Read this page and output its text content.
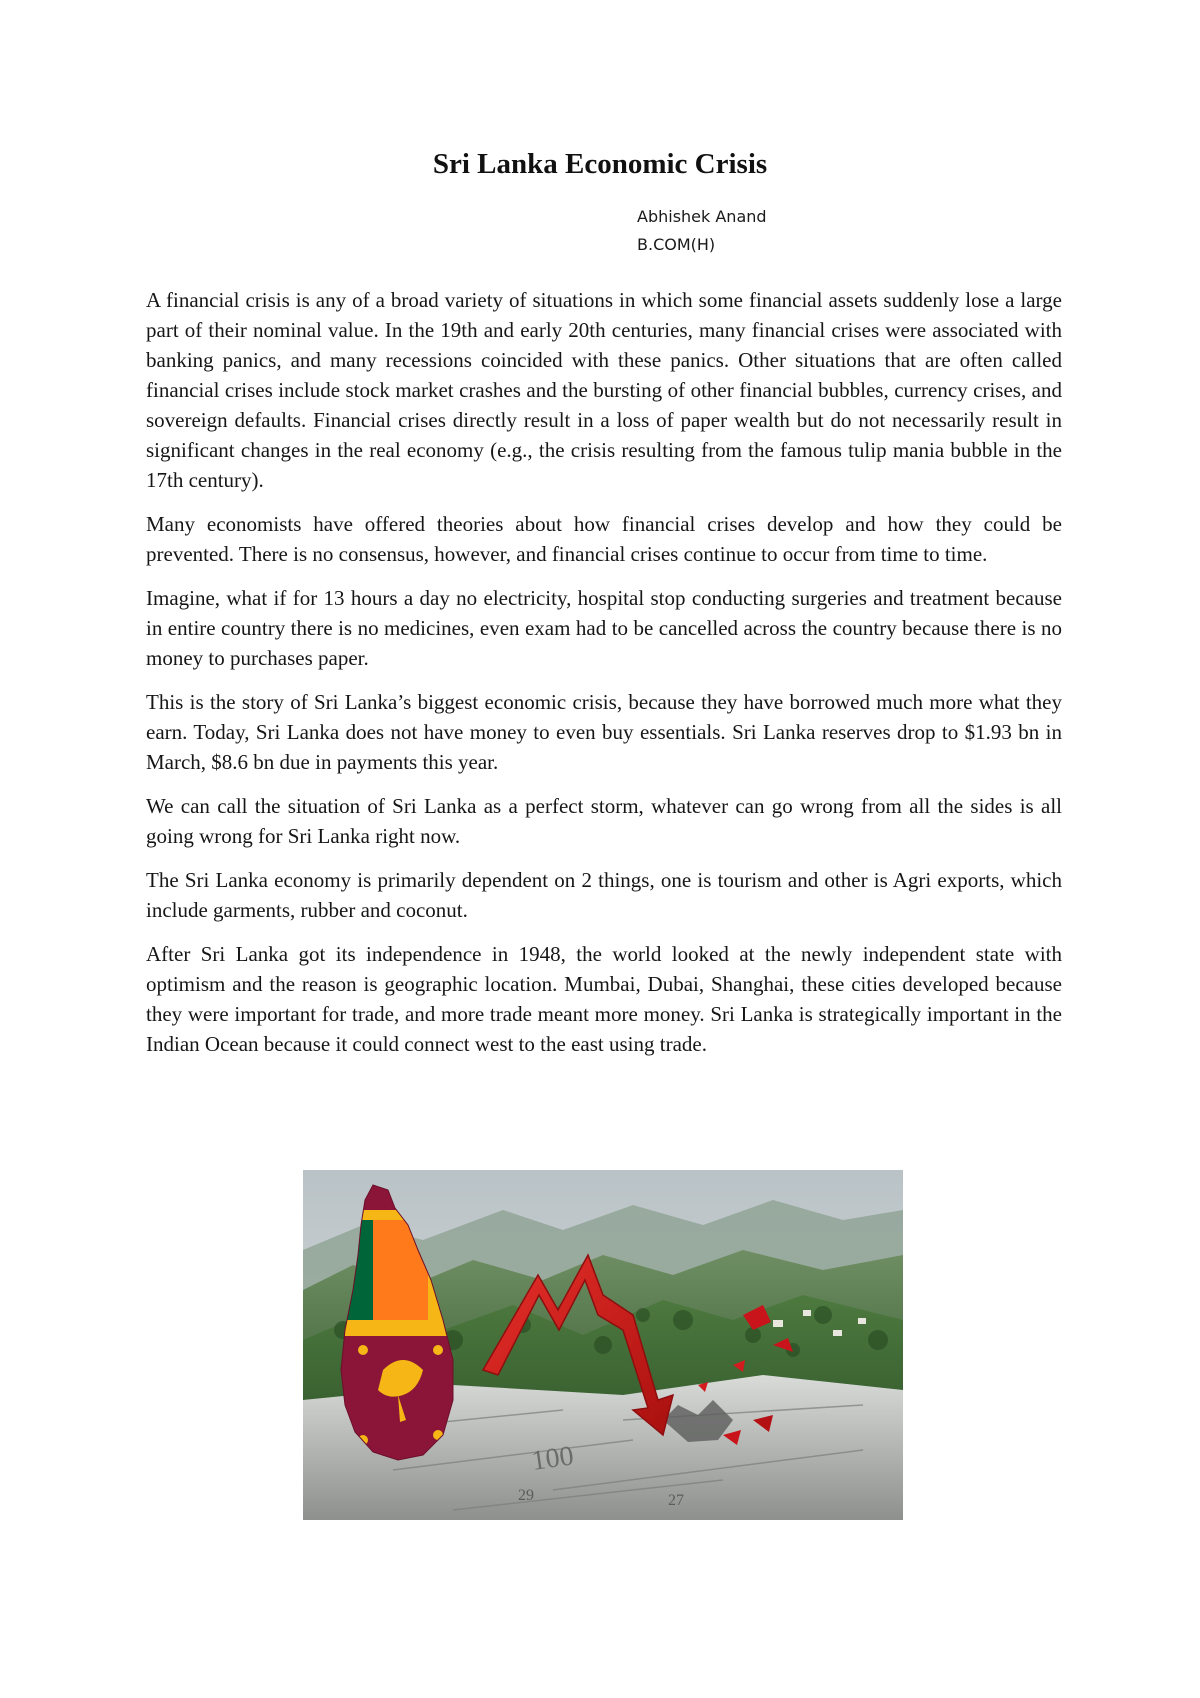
Sri Lanka Economic Crisis
Abhishek Anand
B.COM(H)

A financial crisis is any of a broad variety of situations in which some financial assets suddenly lose a large part of their nominal value. In the 19th and early 20th centuries, many financial crises were associated with banking panics, and many recessions coincided with these panics. Other situations that are often called financial crises include stock market crashes and the bursting of other financial bubbles, currency crises, and sovereign defaults. Financial crises directly result in a loss of paper wealth but do not necessarily result in significant changes in the real economy (e.g., the crisis resulting from the famous tulip mania bubble in the 17th century).

Many economists have offered theories about how financial crises develop and how they could be prevented. There is no consensus, however, and financial crises continue to occur from time to time.

Imagine, what if for 13 hours a day no electricity, hospital stop conducting surgeries and treatment because in entire country there is no medicines, even exam had to be cancelled across the country because there is no money to purchases paper.

This is the story of Sri Lanka’s biggest economic crisis, because they have borrowed much more what they earn. Today, Sri Lanka does not have money to even buy essentials. Sri Lanka reserves drop to $1.93 bn in March, $8.6 bn due in payments this year.

We can call the situation of Sri Lanka as a perfect storm, whatever can go wrong from all the sides is all going wrong for Sri Lanka right now.

The Sri Lanka economy is primarily dependent on 2 things, one is tourism and other is Agri exports, which include garments, rubber and coconut.

After Sri Lanka got its independence in 1948, the world looked at the newly independent state with optimism and the reason is geographic location. Mumbai, Dubai, Shanghai, these cities developed because they were important for trade, and more trade meant more money. Sri Lanka is strategically important in the Indian Ocean because it could connect west to the east using trade.

100
29	27
